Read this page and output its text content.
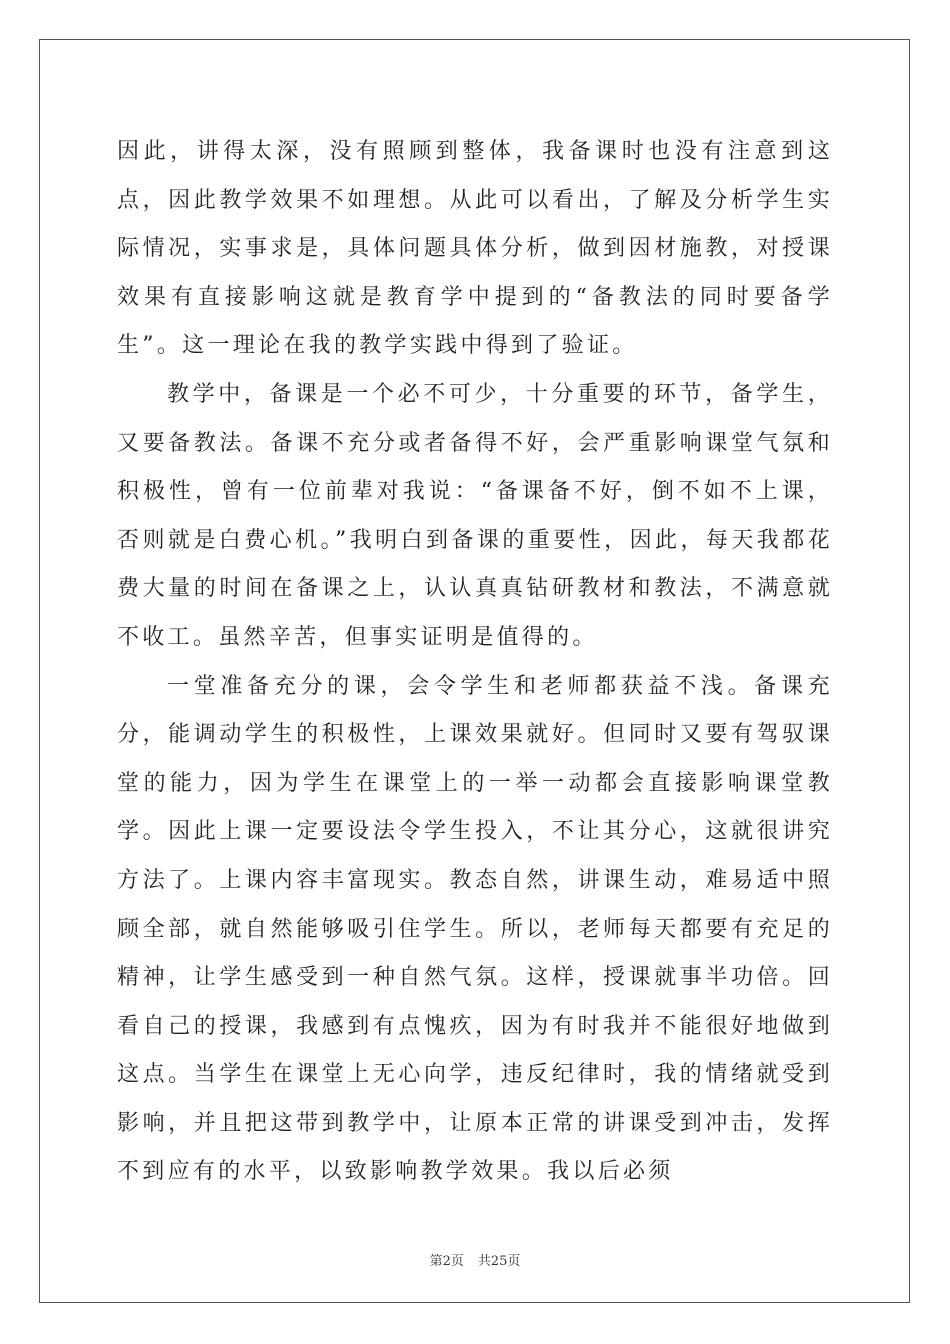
因此，讲得太深，没有照顾到整体，我备课时也没有注意到这点，因此教学效果不如理想。从此可以看出，了解及分析学生实际情况，实事求是，具体问题具体分析，做到因材施教，对授课效果有直接影响这就是教育学中提到的“备教法的同时要备学生”。这一理论在我的教学实践中得到了验证。

教学中，备课是一个必不可少，十分重要的环节，备学生，又要备教法。备课不充分或者备得不好，会严重影响课堂气氛和积极性，曾有一位前辈对我说：“备课备不好，倒不如不上课，否则就是白费心机。”我明白到备课的重要性，因此，每天我都花费大量的时间在备课之上，认认真真钻研教材和教法，不满意就不收工。虽然辛苦，但事实证明是值得的。

一堂准备充分的课，会令学生和老师都获益不浅。备课充分，能调动学生的积极性，上课效果就好。但同时又要有驾驭课堂的能力，因为学生在课堂上的一举一动都会直接影响课堂教学。因此上课一定要设法令学生投入，不让其分心，这就很讲究方法了。上课内容丰富现实。教态自然，讲课生动，难易适中照顾全部，就自然能够吸引住学生。所以，老师每天都要有充足的精神，让学生感受到一种自然气氛。这样，授课就事半功倍。回看自己的授课，我感到有点愧疚，因为有时我并不能很好地做到这点。当学生在课堂上无心向学，违反纪律时，我的情绪就受到影响，并且把这带到教学中，让原本正常的讲课受到冲击，发挥不到应有的水平，以致影响教学效果。我以后必须

第2页 共25页
